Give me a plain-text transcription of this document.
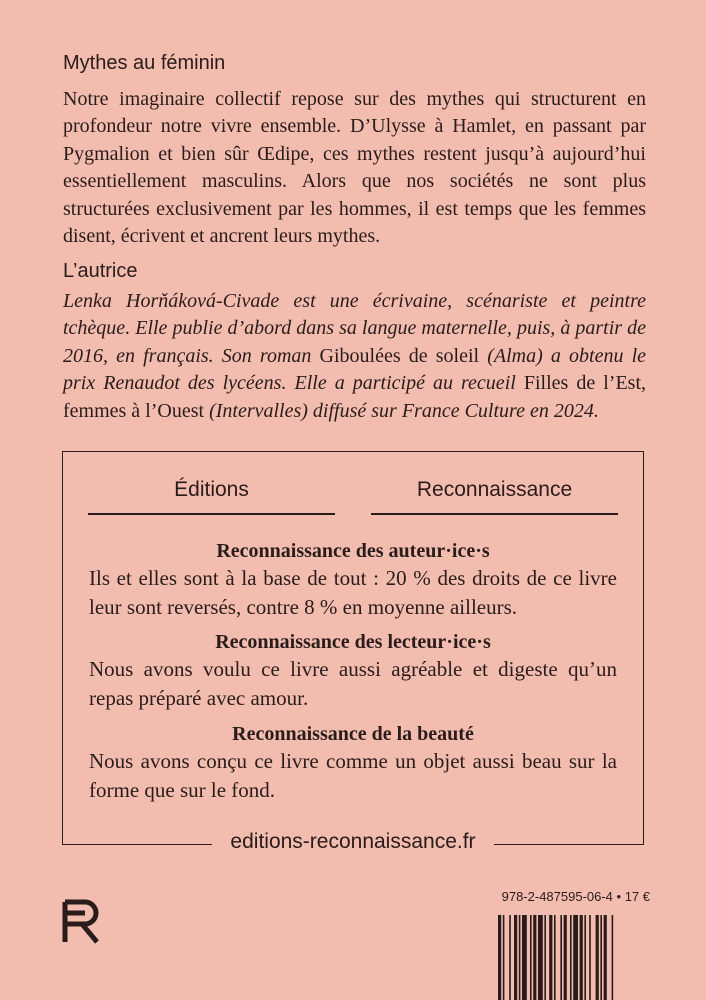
Mythes au féminin

Notre imaginaire collectif repose sur des mythes qui structurent en profondeur notre vivre ensemble. D’Ulysse à Hamlet, en passant par Pygmalion et bien sûr Œdipe, ces mythes restent jusqu’à aujourd’hui essentiellement masculins. Alors que nos sociétés ne sont plus structurées exclusivement par les hommes, il est temps que les femmes disent, écrivent et ancrent leurs mythes.

L’autrice

Lenka Horňáková-Civade est une écrivaine, scénariste et peintre tchèque. Elle publie d’abord dans sa langue maternelle, puis, à partir de 2016, en français. Son roman Giboulées de soleil (Alma) a obtenu le prix Renaudot des lycéens. Elle a participé au recueil Filles de l’Est, femmes à l’Ouest (Intervalles) diffusé sur France Culture en 2024.

Éditions	Reconnaissance
Reconnaissance des auteur·ice·s

Ils et elles sont à la base de tout : 20 % des droits de ce livre leur sont reversés, contre 8 % en moyenne ailleurs.

Reconnaissance des lecteur·ice·s

Nous avons voulu ce livre aussi agréable et digeste qu’un repas préparé avec amour.

Reconnaissance de la beauté

Nous avons conçu ce livre comme un objet aussi beau sur la forme que sur le fond.

editions-reconnaissance.fr
978-2-487595-06-4 • 17 €
